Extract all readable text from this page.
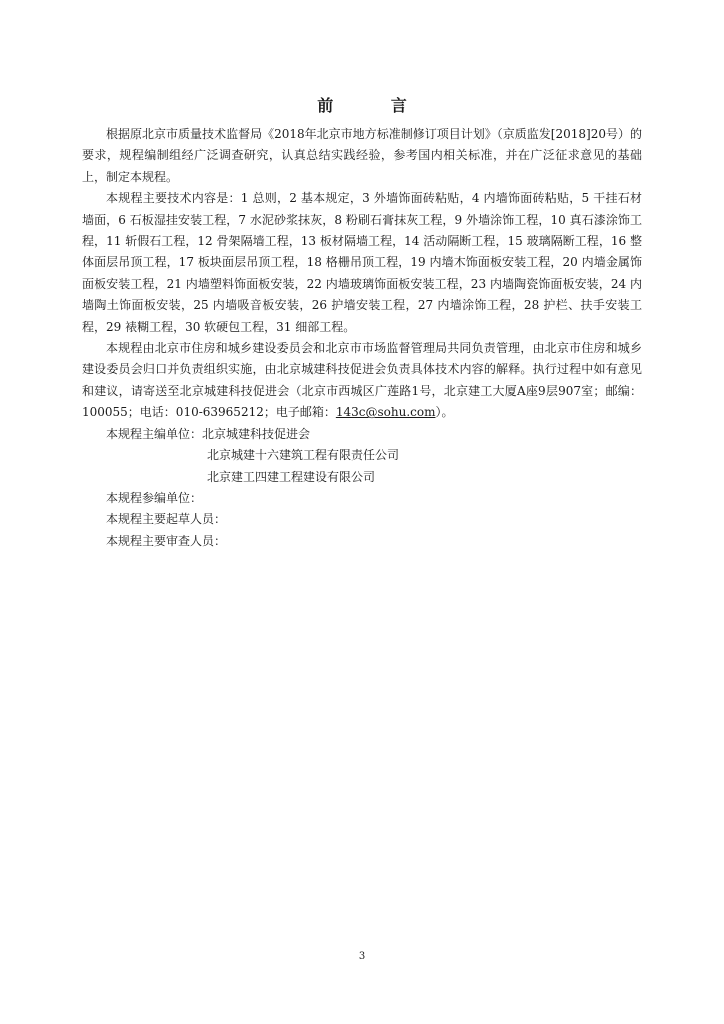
前 言

根据原北京市质量技术监督局《2018年北京市地方标准制修订项目计划》（京质监发[2018]20号）的要求，规程编制组经广泛调查研究，认真总结实践经验，参考国内相关标准，并在广泛征求意见的基础上，制定本规程。

本规程主要技术内容是：1 总则，2 基本规定，3 外墙饰面砖粘贴，4 内墙饰面砖粘贴，5 干挂石材墙面，6 石板湿挂安装工程，7 水泥砂浆抹灰，8 粉刷石膏抹灰工程，9 外墙涂饰工程，10 真石漆涂饰工程，11 斩假石工程，12 骨架隔墙工程，13 板材隔墙工程，14 活动隔断工程，15 玻璃隔断工程，16 整体面层吊顶工程，17 板块面层吊顶工程，18 格栅吊顶工程，19 内墙木饰面板安装工程，20 内墙金属饰面板安装工程，21 内墙塑料饰面板安装，22 内墙玻璃饰面板安装工程，23 内墙陶瓷饰面板安装，24 内墙陶土饰面板安装，25 内墙吸音板安装，26 护墙安装工程，27 内墙涂饰工程，28 护栏、扶手安装工程，29 裱糊工程，30 软硬包工程，31 细部工程。

本规程由北京市住房和城乡建设委员会和北京市市场监督管理局共同负责管理，由北京市住房和城乡建设委员会归口并负责组织实施，由北京城建科技促进会负责具体技术内容的解释。执行过程中如有意见和建议，请寄送至北京城建科技促进会（北京市西城区广莲路1号，北京建工大厦A座9层907室；邮编：100055；电话：010-63965212；电子邮箱：143c@sohu.com）。

本规程主编单位：北京城建科技促进会

北京城建十六建筑工程有限责任公司

北京建工四建工程建设有限公司

本规程参编单位：

本规程主要起草人员：

本规程主要审查人员：

3
